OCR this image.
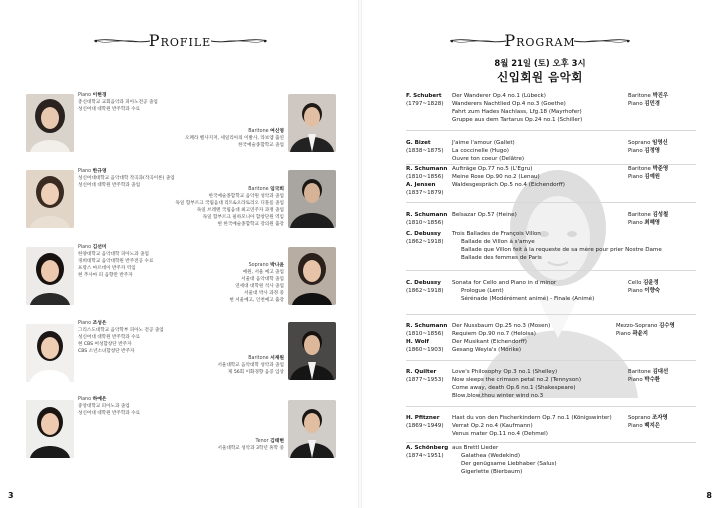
Profile
Piano 이현경
총신대학교 교회음악과 피아노전공 졸업
성신여대 대학원 반주학과 수료
Baritone 여신영
오페라 벨사지저, 세일리아의 이발사, 라보엠 출연
한국예술종합학교 졸업
Piano 한규영
성신여대대학교 음악대학 작곡과(작곡이론) 졸업
성신여대 대학원 반주학과 졸업
Baritone 임국희
한국예술종합학교 음악원 성악과 졸업
독일 함부르크 국립음대 리트&오라토리오 디플롬 졸업
독일 브레멘 국립음대 최고연주자 과정 졸업
독일 함부르크 필하모니아 합창단원 역임
현 한국예술종합학교 강의원 출강
Piano 김선미
한양대학교 음악대학 피아노과 졸업
경희대학교 음악대학원 반주전공 수료
프랑스 마르데이 반주자 역임
현 추사마 피 음향만 반주자
Soprano 박나윤
예원, 서울 예고 졸업
서울대 음악대학 졸업
연세대 대학원 석사 졸업
서울대 박사 과정 중
현 서울예고, 인천예고 출강
Piano 조성은
그리스도대학교 음악학부 피아노 전공 졸업
성신여대 대학원 반주학과 수료
현 CBS 여성합창단 반주자
CBS 소년소녀합창단 반주자
Baritone 서재원
서울대학교 음악대학 성악과 졸업
제 56회 이화경향 음콩 입상
Piano 하예은
중앙대학교 피아노과 졸업
성신여대 대학원 반주학과 수료
Tenor 김태현
서울대학교 성악과 3학년 휴학 중
3
Program
8월 21일 (토) 오후 3시
신입회원 음악회
F. Schubert
(1797~1828)
Der Wanderer Op.4 no.1 (Lübeck)
Wanderers Nachtlied Op.4 no.3 (Goethe)
Fahrt zum Hades Nachlass, Lfg.18 (Mayrhofer)
Gruppe aus dem Tartarus Op.24 no.1 (Schiller)
Baritone 박진우
Piano 김민경
G. Bizet
(1838~1875)
J'aime l'amour (Gallet)
La coccinelle (Hugo)
Ouvre ton coeur (Delâtre)
Soprano 임영신
Piano 김정영
R. Schumann
(1810~1856)
A. Jensen
(1837~1879)
Aufträge Op.77 no.5 (L'Egru)
Meine Rose Op.90 no.2 (Lenau)
Waldesgespräch Op.5 no.4 (Eichendorff)
Baritone 박준영
Piano 김예원
R. Schumann
(1810~1856)
Belsazar Op.57 (Heine)	Baritone 김성철
Piano 최혜영
C. Debussy
(1862~1918)
Trois Ballades de François Villon
Ballade de Villon à s'amye
Ballade que Villon feit à la requeste de sa mère pour prier Nostre Dame
Ballade des femmes de Paris
C. Debussy
(1862~1918)
Sonata for Cello and Piano in d minor
Prologue (Lent)
Sérénade (Modérément animé) - Finale (Animé)
Cello 김윤정
Piano 이향숙
R. Schumann
(1810~1856)
H. Wolf
(1860~1903)
Der Nussbaum Op.25 no.3 (Mosen)
Requiem Op.90 no.7 (Heloisa)
Der Musikant (Eichendorff)
Gesang Weyla's (Mörike)
Mezzo-Soprano 김수영
Piano 곽윤지
R. Quilter
(1877~1953)
Love's Philosophy Op.3 no.1 (Shelley)
Now sleeps the crimson petal no.2 (Tennyson)
Come away, death Op.6 no.1 (Shakespeare)
Blow,blow,thou winter wind no.3
Baritone 김대선
Piano 박수환
H. Pfitzner
(1869~1949)
Hast du von den Fischerkindern Op.7 no.1 (Königswinter)
Verrat Op.2 no.4 (Kaufmann)
Venus mater Op.11 no.4 (Dehmel)
Soprano 조자영
Piano 백지은
A. Schönberg
(1874~1951)
aus Brettl Lieder
Galathea (Wedekind)
Der genügsame Liebhaber (Salus)
Gigerlette (Bierbaum)
8
